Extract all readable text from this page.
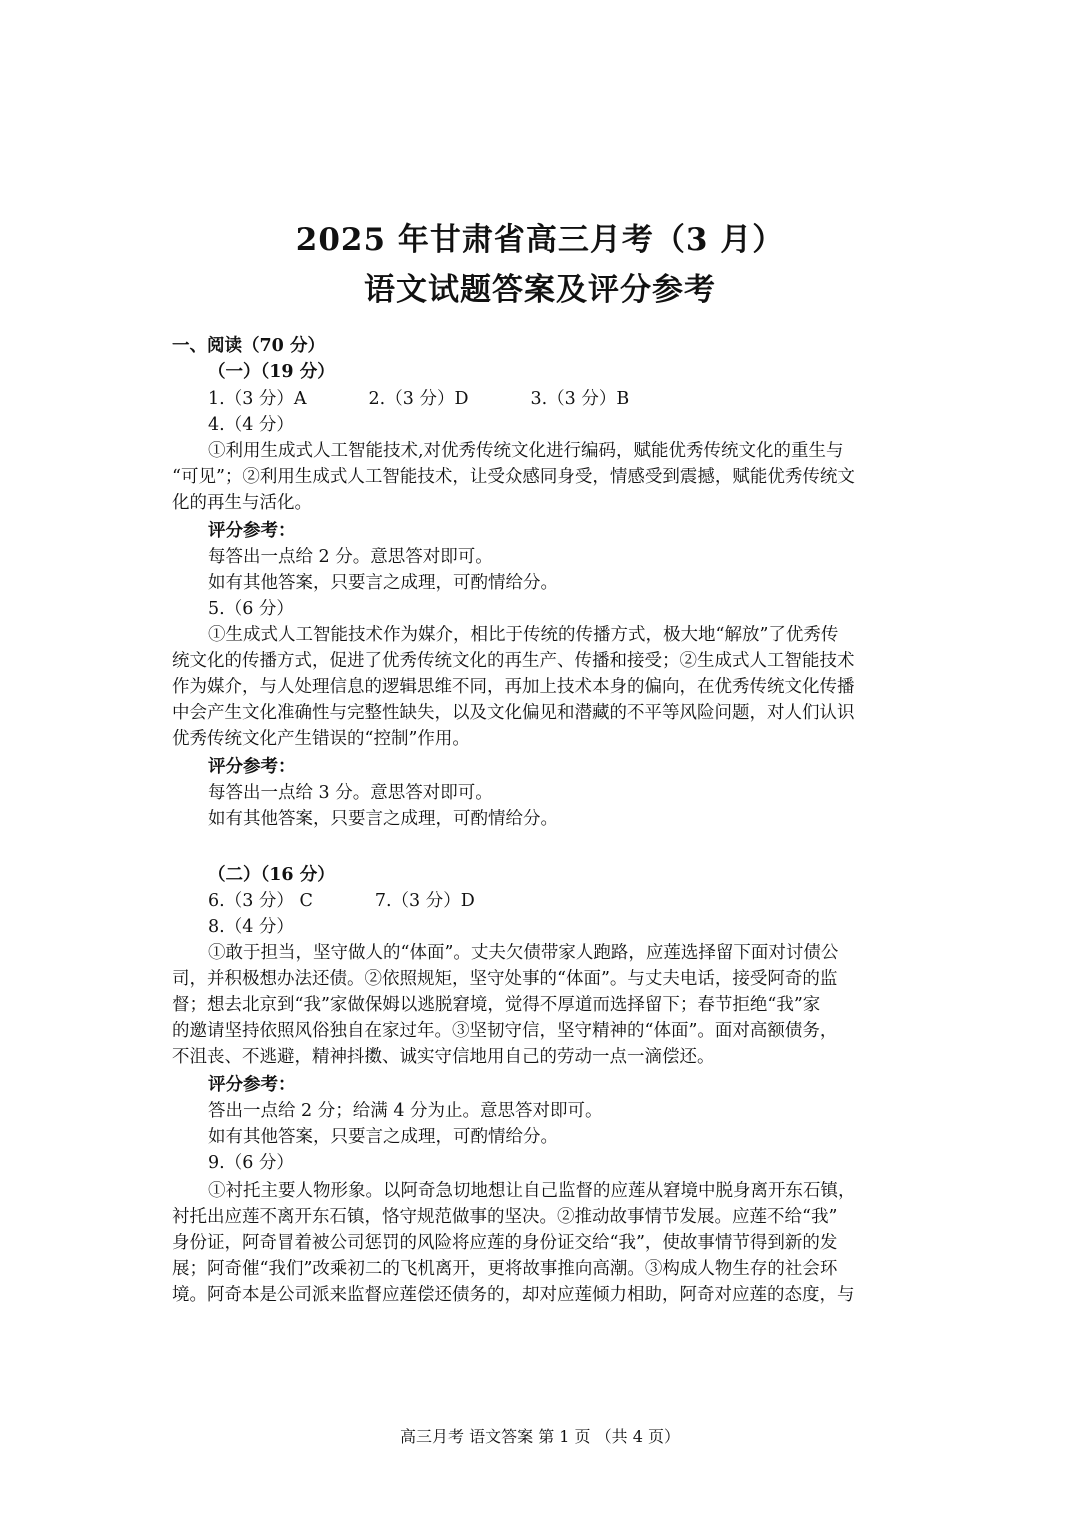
2025 年甘肃省高三月考（3 月）
语文试题答案及评分参考
一、阅读（70 分）
（一）（19 分）
1.（3 分）A	2.（3 分）D	3.（3 分）B
4.（4 分）
①利用生成式人工智能技术,对优秀传统文化进行编码，赋能优秀传统文化的重生与
“可见”；②利用生成式人工智能技术，让受众感同身受，情感受到震撼，赋能优秀传统文
化的再生与活化。
评分参考：
每答出一点给 2 分。意思答对即可。
如有其他答案，只要言之成理，可酌情给分。
5.（6 分）
①生成式人工智能技术作为媒介，相比于传统的传播方式，极大地“解放”了优秀传
统文化的传播方式，促进了优秀传统文化的再生产、传播和接受；②生成式人工智能技术
作为媒介，与人处理信息的逻辑思维不同，再加上技术本身的偏向，在优秀传统文化传播
中会产生文化准确性与完整性缺失，以及文化偏见和潜藏的不平等风险问题，对人们认识
优秀传统文化产生错误的“控制”作用。
评分参考：
每答出一点给 3 分。意思答对即可。
如有其他答案，只要言之成理，可酌情给分。
（二）（16 分）
6.（3 分） C	7.（3 分）D
8.（4 分）
①敢于担当，坚守做人的“体面”。丈夫欠债带家人跑路，应莲选择留下面对讨债公
司，并积极想办法还债。②依照规矩，坚守处事的“体面”。与丈夫电话，接受阿奇的监
督；想去北京到“我”家做保姆以逃脱窘境，觉得不厚道而选择留下；春节拒绝“我”家
的邀请坚持依照风俗独自在家过年。③坚韧守信，坚守精神的“体面”。面对高额债务，
不沮丧、不逃避，精神抖擞、诚实守信地用自己的劳动一点一滴偿还。
评分参考：
答出一点给 2 分；给满 4 分为止。意思答对即可。
如有其他答案，只要言之成理，可酌情给分。
9.（6 分）
①衬托主要人物形象。以阿奇急切地想让自己监督的应莲从窘境中脱身离开东石镇，
衬托出应莲不离开东石镇，恪守规范做事的坚决。②推动故事情节发展。应莲不给“我”
身份证，阿奇冒着被公司惩罚的风险将应莲的身份证交给“我”，使故事情节得到新的发
展；阿奇催“我们”改乘初二的飞机离开，更将故事推向高潮。③构成人物生存的社会环
境。阿奇本是公司派来监督应莲偿还债务的，却对应莲倾力相助，阿奇对应莲的态度，与
高三月考 语文答案 第 1 页 （共 4 页）
